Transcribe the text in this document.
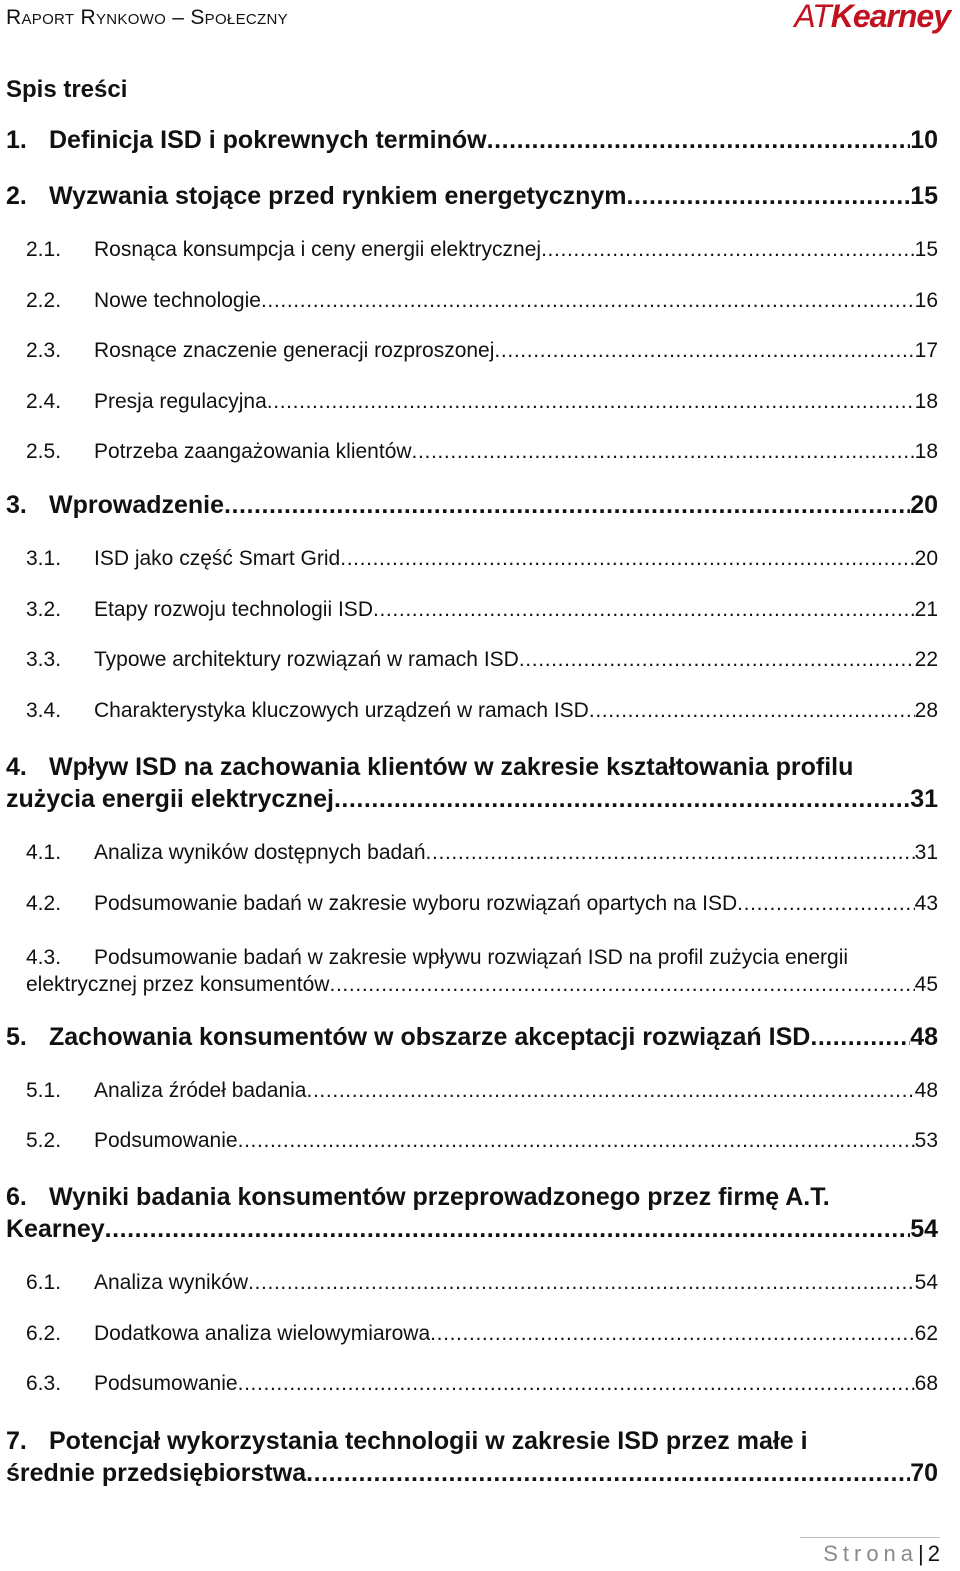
Raport Rynkowo – Społeczny	ATKearney
Spis treści
1. Definicja ISD i pokrewnych terminów . . .	10
2. Wyzwania stojące przed rynkiem energetycznym . . .	15
2.1.	Rosnąca konsumpcja i ceny energii elektrycznej . . .	15
2.2.	Nowe technologie . . .	16
2.3.	Rosnące znaczenie generacji rozproszonej . . .	17
2.4.	Presja regulacyjna . . .	18
2.5.	Potrzeba zaangażowania klientów . . .	18
3. Wprowadzenie . . .	20
3.1.	ISD jako część Smart Grid . . .	20
3.2.	Etapy rozwoju technologii ISD . . .	21
3.3.	Typowe architektury rozwiązań w ramach ISD . . .	22
3.4.	Charakterystyka kluczowych urządzeń w ramach ISD . . .	28
4. Wpływ ISD na zachowania klientów w zakresie kształtowania profilu
zużycia energii elektrycznej . . .	31
4.1.	Analiza wyników dostępnych badań . . .	31
4.2.	Podsumowanie badań w zakresie wyboru rozwiązań opartych na ISD . . .	43
4.3. Podsumowanie badań w zakresie wpływu rozwiązań ISD na profil zużycia energii
elektrycznej przez konsumentów . . .	45
5. Zachowania konsumentów w obszarze akceptacji rozwiązań ISD . . .	48
5.1.	Analiza źródeł badania . . .	48
5.2.	Podsumowanie . . .	53
6. Wyniki badania konsumentów przeprowadzonego przez firmę A.T.
Kearney . . .	54
6.1.	Analiza wyników . . .	54
6.2.	Dodatkowa analiza wielowymiarowa . . .	62
6.3.	Podsumowanie . . .	68
7. Potencjał wykorzystania technologii w zakresie ISD przez małe i
średnie przedsiębiorstwa . . .	70
Strona| 2
